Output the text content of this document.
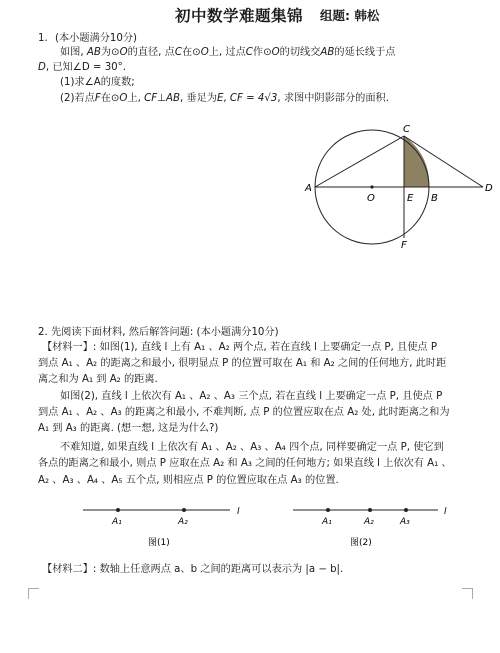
初中数学难题集锦 组题: 韩松
1. (本小题满分10分)
如图, AB为⊙O的直径, 点C在⊙O上, 过点C作⊙O的切线交AB的延长线于点
D, 已知∠D = 30°.
(1)求∠A的度数;
(2)若点F在⊙O上, CF⊥AB, 垂足为E, CF = 4√3, 求图中阴影部分的面积.
A
O	E B
D
C
F
2. 先阅读下面材料, 然后解答问题: (本小题满分10分)
【材料一】: 如图(1), 直线 l 上有 A₁ 、A₂ 两个点, 若在直线 l 上要确定一点 P, 且使点 P
到点 A₁ 、A₂ 的距离之和最小, 很明显点 P 的位置可取在 A₁ 和 A₂ 之间的任何地方, 此时距
离之和为 A₁ 到 A₂ 的距离.
如图(2), 直线 l 上依次有 A₁ 、A₂ 、A₃ 三个点, 若在直线 l 上要确定一点 P, 且使点 P
到点 A₁ 、A₂ 、A₃ 的距离之和最小, 不难判断, 点 P 的位置应取在点 A₂ 处, 此时距离之和为
A₁ 到 A₃ 的距离. (想一想, 这是为什么?)
不难知道, 如果直线 l 上依次有 A₁ 、A₂ 、A₃ 、A₄ 四个点, 同样要确定一点 P, 使它到
各点的距离之和最小, 则点 P 应取在点 A₂ 和 A₃ 之间的任何地方; 如果直线 l 上依次有 A₁ 、
A₂ 、A₃ 、A₄ 、A₅ 五个点, 则相应点 P 的位置应取在点 A₃ 的位置.
A₁	A₂
l
图(1)
A₁	A₂	A₃
l
图(2)
【材料二】: 数轴上任意两点 a、b 之间的距离可以表示为 |a − b|.
